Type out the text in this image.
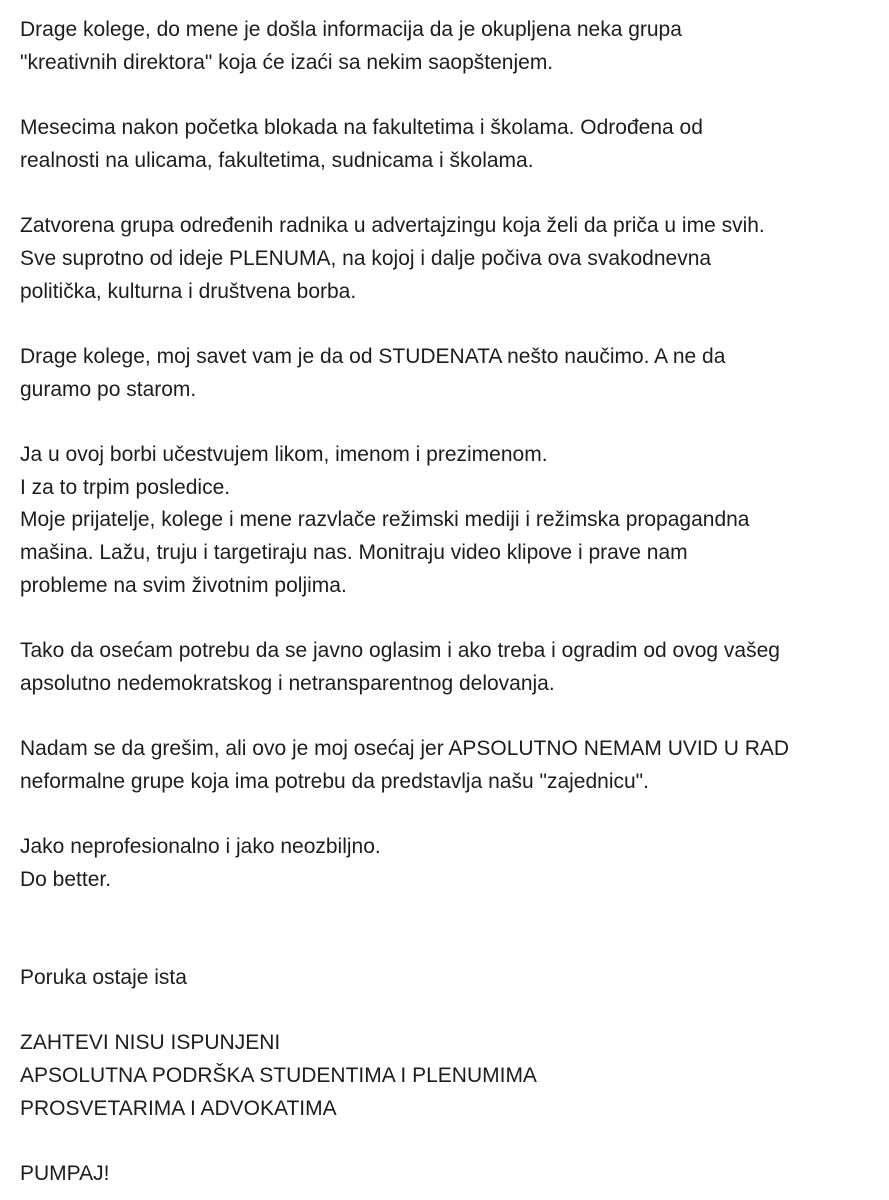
Drage kolege, do mene je došla informacija da je okupljena neka grupa
"kreativnih direktora" koja će izaći sa nekim saopštenjem.
Mesecima nakon početka blokada na fakultetima i školama. Odrođena od
realnosti na ulicama, fakultetima, sudnicama i školama.
Zatvorena grupa određenih radnika u advertajzingu koja želi da priča u ime svih.
Sve suprotno od ideje PLENUMA, na kojoj i dalje počiva ova svakodnevna
politička, kulturna i društvena borba.
Drage kolege, moj savet vam je da od STUDENATA nešto naučimo. A ne da
guramo po starom.
Ja u ovoj borbi učestvujem likom, imenom i prezimenom.
I za to trpim posledice.
Moje prijatelje, kolege i mene razvlače režimski mediji i režimska propagandna
mašina. Lažu, truju i targetiraju nas. Monitraju video klipove i prave nam
probleme na svim životnim poljima.
Tako da osećam potrebu da se javno oglasim i ako treba i ogradim od ovog vašeg
apsolutno nedemokratskog i netransparentnog delovanja.
Nadam se da grešim, ali ovo je moj osećaj jer APSOLUTNO NEMAM UVID U RAD
neformalne grupe koja ima potrebu da predstavlja našu "zajednicu".
Jako neprofesionalno i jako neozbiljno.
Do better.
Poruka ostaje ista
ZAHTEVI NISU ISPUNJENI
APSOLUTNA PODRŠKA STUDENTIMA I PLENUMIMA
PROSVETARIMA I ADVOKATIMA
PUMPAJ!
